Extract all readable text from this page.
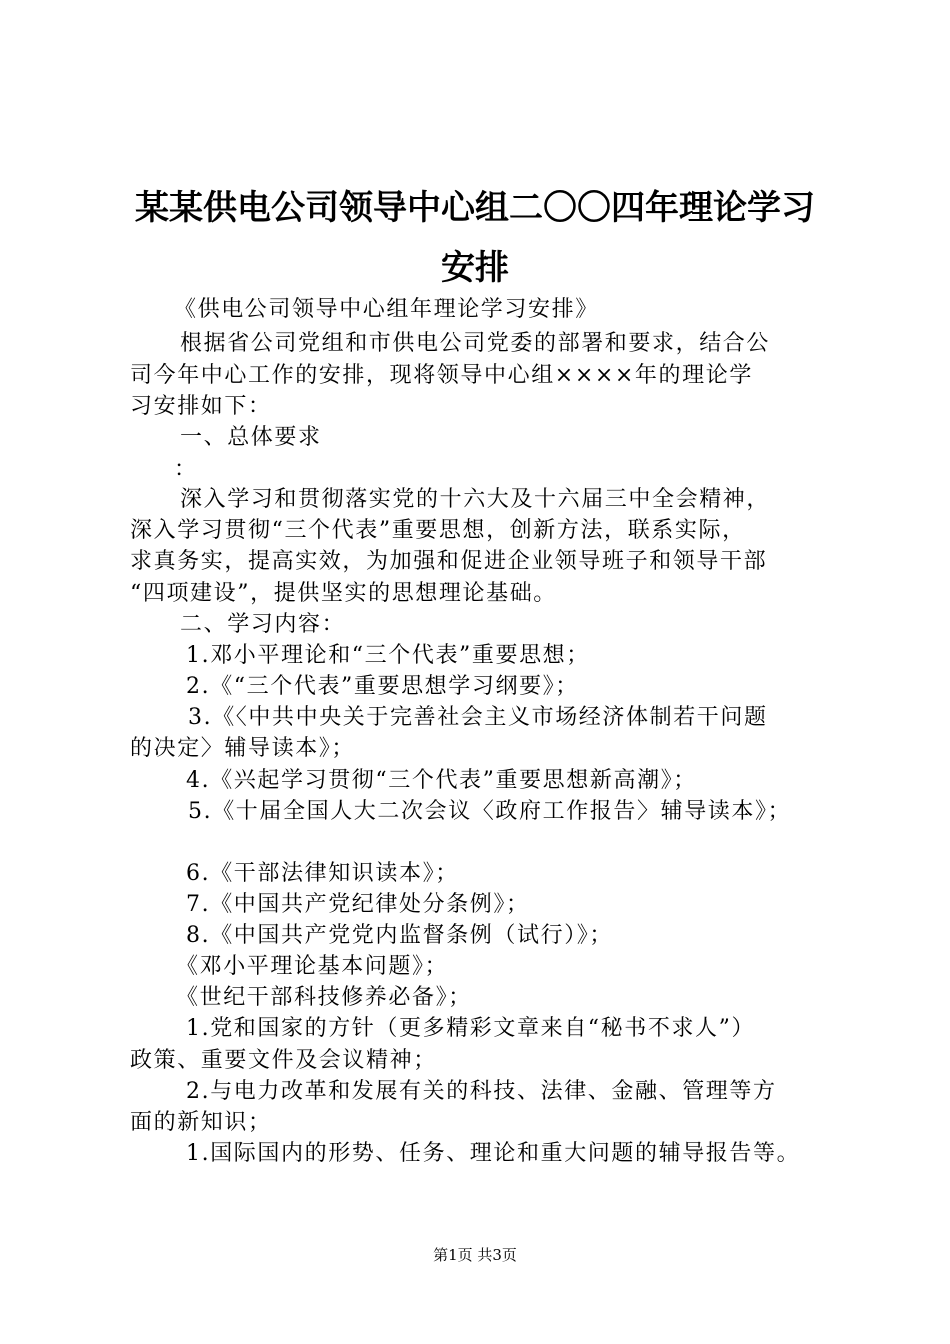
某某供电公司领导中心组二〇〇四年理论学习
安排
《供电公司领导中心组年理论学习安排》
根据省公司党组和市供电公司党委的部署和要求，结合公
司今年中心工作的安排，现将领导中心组××××年的理论学
习安排如下：
一、总体要求
：
深入学习和贯彻落实党的十六大及十六届三中全会精神，
深入学习贯彻“三个代表”重要思想，创新方法，联系实际，
求真务实，提高实效，为加强和促进企业领导班子和领导干部
“四项建设”，提供坚实的思想理论基础。
二、学习内容：
1.邓小平理论和“三个代表”重要思想；
2.《“三个代表”重要思想学习纲要》；
3.《〈中共中央关于完善社会主义市场经济体制若干问题
的决定〉辅导读本》；
4.《兴起学习贯彻“三个代表”重要思想新高潮》；
5.《十届全国人大二次会议〈政府工作报告〉辅导读本》；
6.《干部法律知识读本》；
7.《中国共产党纪律处分条例》；
8.《中国共产党党内监督条例（试行）》；
《邓小平理论基本问题》；
《世纪干部科技修养必备》；
1.党和国家的方针（更多精彩文章来自“秘书不求人”）
政策、重要文件及会议精神；
2.与电力改革和发展有关的科技、法律、金融、管理等方
面的新知识；
1.国际国内的形势、任务、理论和重大问题的辅导报告等。
第1页 共3页
